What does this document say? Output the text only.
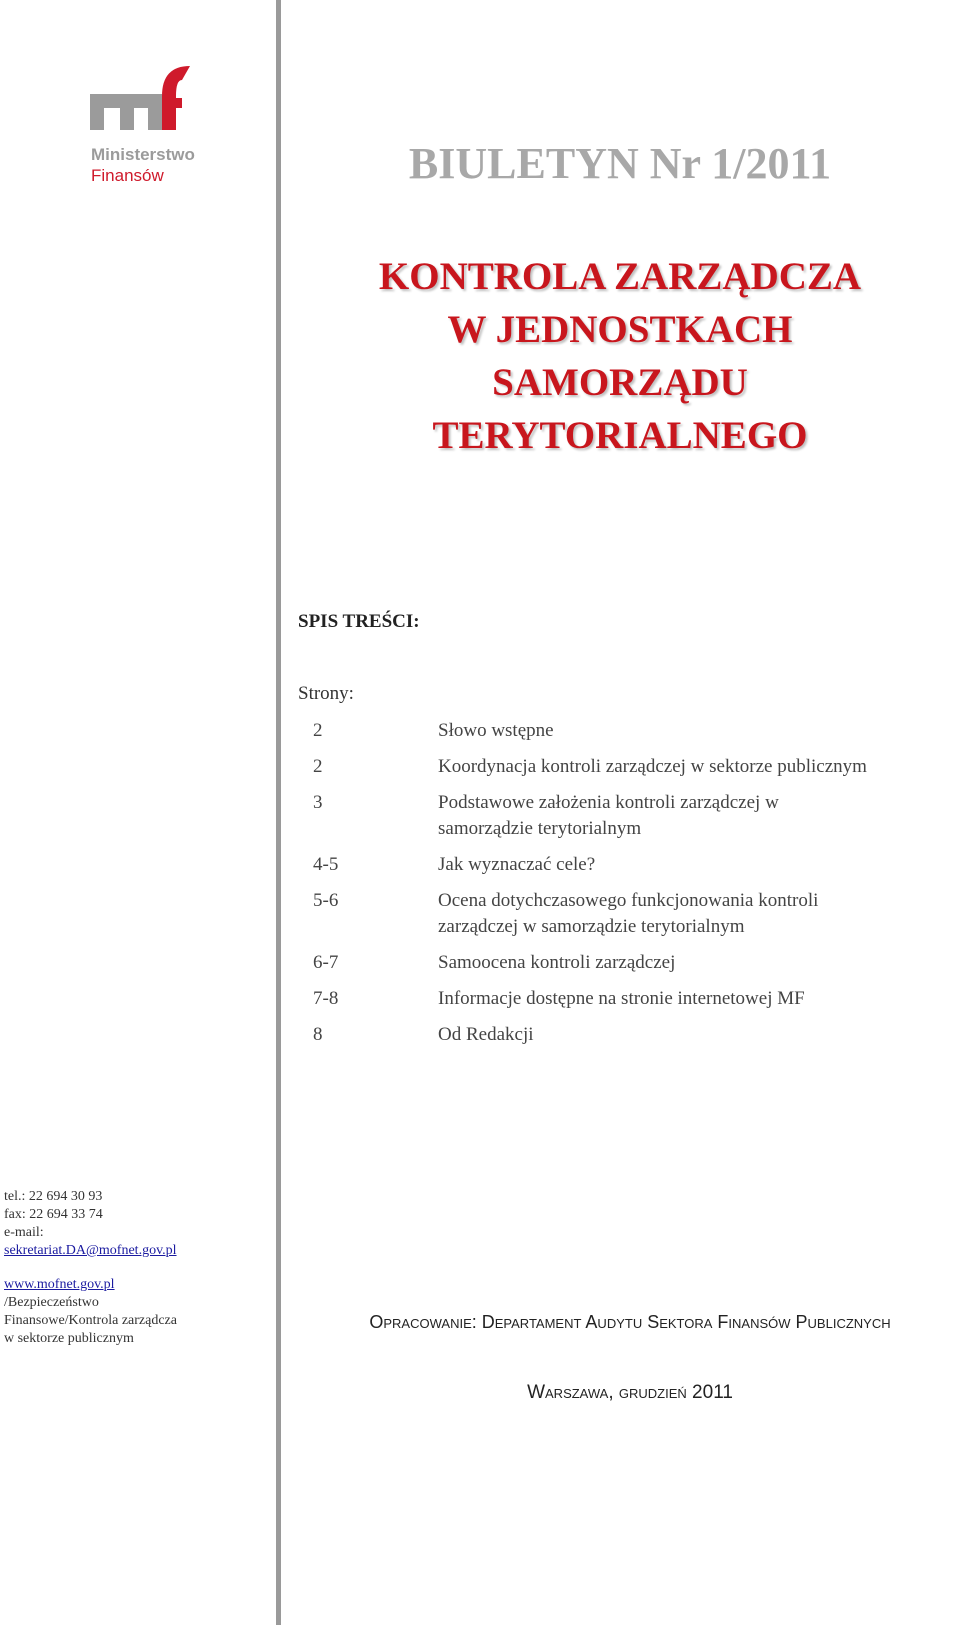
Ministerstwo
Finansów	BIULETYN Nr 1/2011
KONTROLA ZARZĄDCZA
W JEDNOSTKACH
SAMORZĄDU
TERYTORIALNEGO
SPIS TREŚCI:
Strony:
2	Słowo wstępne
2	Koordynacja kontroli zarządczej w sektorze publicznym
3	Podstawowe założenia kontroli zarządczej w samorządzie terytorialnym
4-5	Jak wyznaczać cele?
5-6	Ocena dotychczasowego funkcjonowania kontroli zarządczej w samorządzie terytorialnym
6-7	Samoocena kontroli zarządczej
7-8	Informacje dostępne na stronie internetowej MF
8	Od Redakcji
tel.: 22 694 30 93
fax: 22 694 33 74
e-mail:
sekretariat.DA@mofnet.gov.pl
www.mofnet.gov.pl
/Bezpieczeństwo
Finansowe/Kontrola zarządcza
w sektorze publicznym
Opracowanie: Departament Audytu Sektora Finansów Publicznych
Warszawa, grudzień 2011
